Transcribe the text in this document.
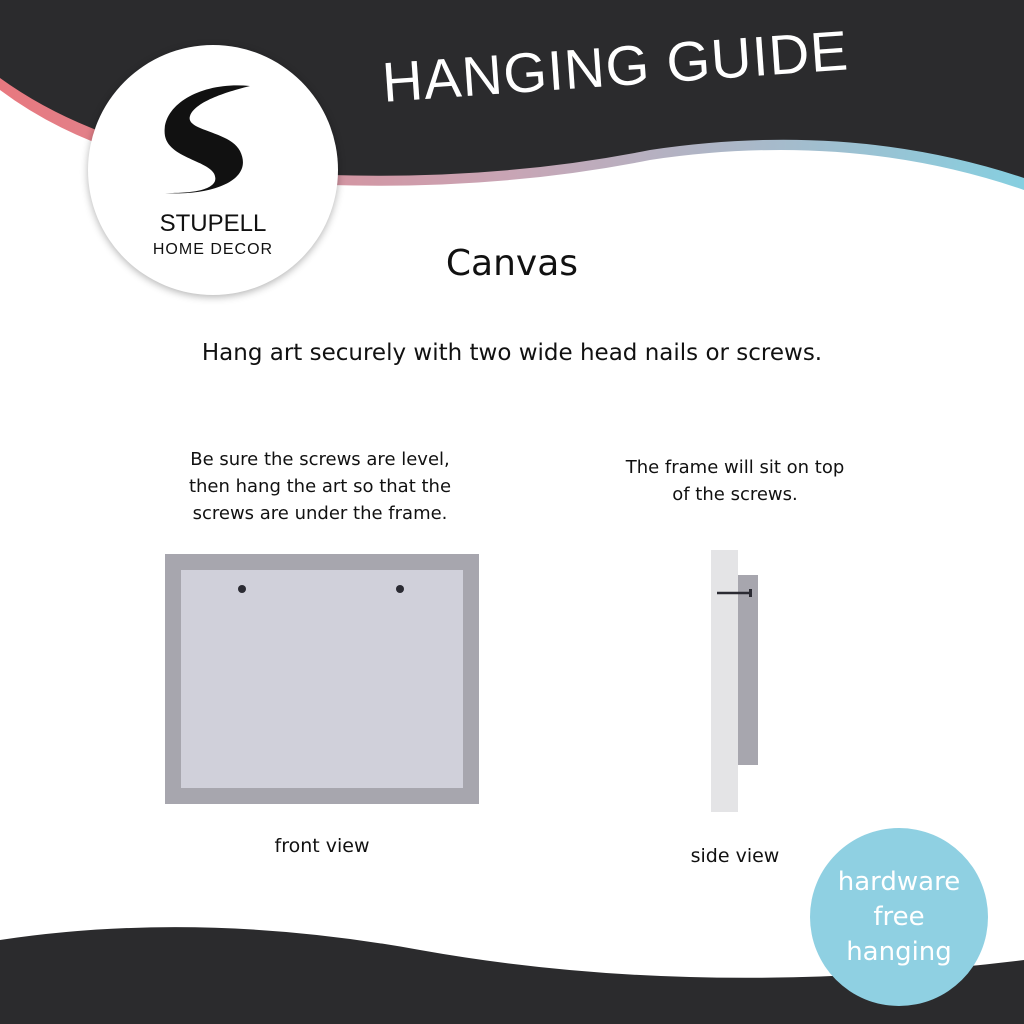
HANGING GUIDE
STUPELL
HOME DECOR	Canvas
Hang art securely with two wide head nails or screws.
Be sure the screws are level,
then hang the art so that the
screws are under the frame.
The frame will sit on top
of the screws.
front view	side view
hardware
free
hanging
